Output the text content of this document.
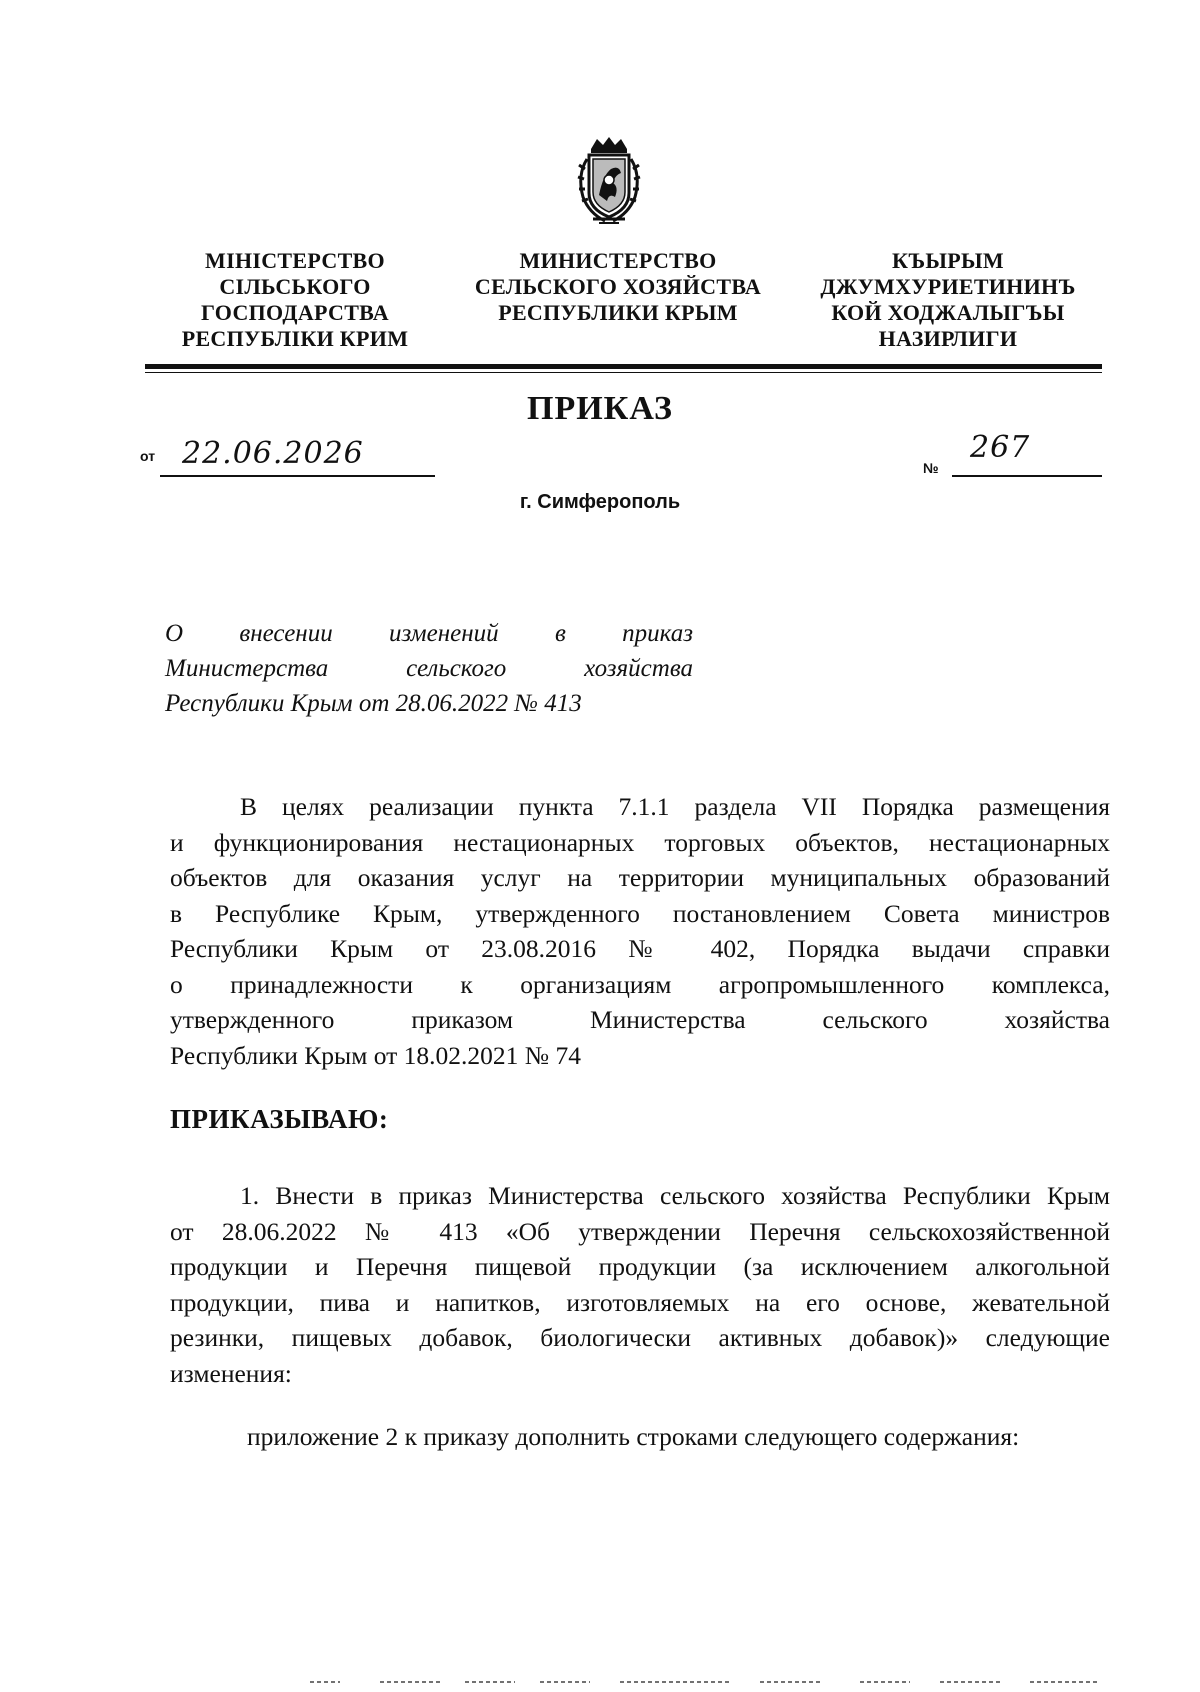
МІНІСТЕРСТВО
СІЛЬСЬКОГО
ГОСПОДАРСТВА
РЕСПУБЛІКИ КРИМ
МИНИСТЕРСТВО
СЕЛЬСКОГО ХОЗЯЙСТВА
РЕСПУБЛИКИ КРЫМ
КЪЫРЫМ
ДЖУМХУРИЕТИНИНЪ
КОЙ ХОДЖАЛЫГЪЫ
НАЗИРЛИГИ
ПРИКАЗ
от 22.06.2026	№
267
г. Симферополь
О внесении изменений в приказ
Министерства сельского хозяйства
Республики Крым от 28.06.2022 № 413
В целях реализации пункта 7.1.1 раздела VII Порядка размещения
и функционирования нестационарных торговых объектов, нестационарных
объектов для оказания услуг на территории муниципальных образований
в Республике Крым, утвержденного постановлением Совета министров
Республики Крым от 23.08.2016 № 402, Порядка выдачи справки
о принадлежности к организациям агропромышленного комплекса,
утвержденного приказом Министерства сельского хозяйства
Республики Крым от 18.02.2021 № 74
ПРИКАЗЫВАЮ:
1. Внести в приказ Министерства сельского хозяйства Республики Крым
от 28.06.2022 № 413 «Об утверждении Перечня сельскохозяйственной
продукции и Перечня пищевой продукции (за исключением алкогольной
продукции, пива и напитков, изготовляемых на его основе, жевательной
резинки, пищевых добавок, биологически активных добавок)» следующие
изменения:
приложение 2 к приказу дополнить строками следующего содержания:
